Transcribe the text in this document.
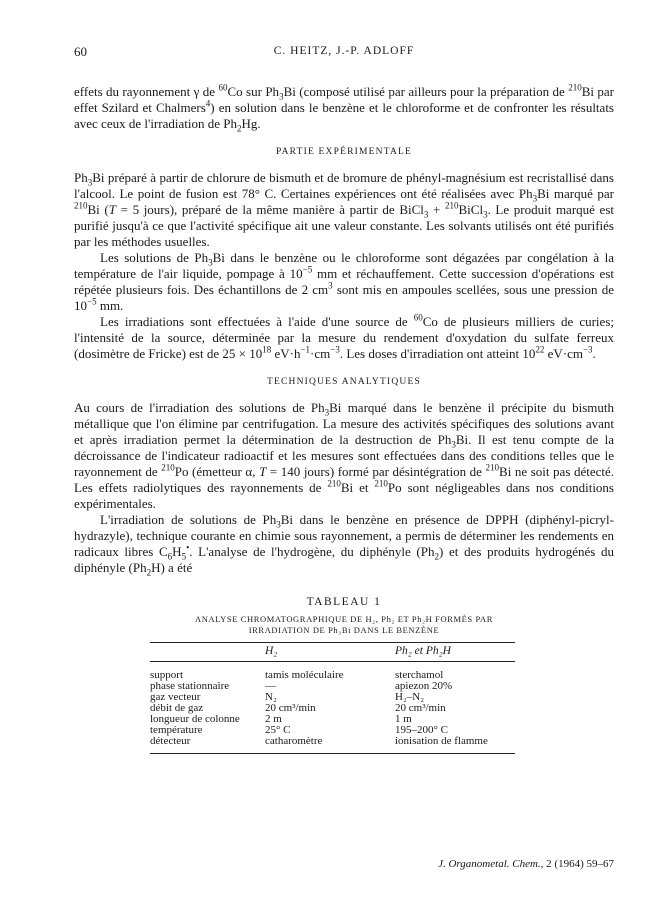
60	C. HEITZ, J.-P. ADLOFF

effets du rayonnement γ de $^{60}$Co sur $Ph_3Bi$ (composé utilisé par ailleurs pour la préparation de $^{210}$Bi par effet Szilard et Chalmers$^4$) en solution dans le benzène et le chloroforme et de confronter les résultats avec ceux de l'irradiation de $Ph_2Hg$.

PARTIE EXPÉRIMENTALE

$Ph_3Bi$ préparé à partir de chlorure de bismuth et de bromure de phényl-magnésium est recristallisé dans l'alcool. Le point de fusion est 78° C. Certaines expériences ont été réalisées avec $Ph_3Bi$ marqué par $^{210}$Bi (T = 5 jours), préparé de la même manière à partir de BiCl$_3$ + $^{210}$BiCl$_3$. Le produit marqué est purifié jusqu'à ce que l'activité spécifique ait une valeur constante. Les solvants utilisés ont été purifiés par les méthodes usuelles.

Les solutions de $Ph_3Bi$ dans le benzène ou le chloroforme sont dégazées par congélation à la température de l'air liquide, pompage à $10^{-5}$ mm et réchauffement. Cette succession d'opérations est répétée plusieurs fois. Des échantillons de 2 $cm^3$ sont mis en ampoules scellées, sous une pression de $10^{-5}$ mm.

Les irradiations sont effectuées à l'aide d'une source de $^{60}$Co de plusieurs milliers de curies; l'intensité de la source, déterminée par la mesure du rendement d'oxydation du sulfate ferreux (dosimètre de Fricke) est de $25 \times 10^{18}$ $eV\cdot h^{-1}\cdot cm^{-3}$. Les doses d'irradiation ont atteint $10^{22}$ $eV\cdot cm^{-3}$.

TECHNIQUES ANALYTIQUES

Au cours de l'irradiation des solutions de $Ph_3Bi$ marqué dans le benzène il précipite du bismuth métallique que l'on élimine par centrifugation. La mesure des activités spécifiques des solutions avant et après irradiation permet la détermination de la destruction de $Ph_3Bi$. Il est tenu compte de la décroissance de l'indicateur radioactif et les mesures sont effectuées dans des conditions telles que le rayonnement de $^{210}$Po (émetteur α, T = 140 jours) formé par désintégration de $^{210}$Bi ne soit pas détecté. Les effets radiolytiques des rayonnements de $^{210}$Bi et $^{210}$Po sont négligeables dans nos conditions expérimentales.

L'irradiation de solutions de $Ph_3Bi$ dans le benzène en présence de DPPH (diphényl-picryl-hydrazyle), technique courante en chimie sous rayonnement, a permis de déterminer les rendements en radicaux libres $C_6H_5^•$. L'analyse de l'hydrogène, du diphényle $(Ph_2)$ et des produits hydrogénés du diphényle $(Ph_2H)$ a été

TABLEAU 1
ANALYSE CHROMATOGRAPHIQUE DE H₂, Ph₂ ET Ph₂H FORMÉS PAR
IRRADIATION DE Ph₃Bi DANS LE BENZÈNE
	H₂	Ph₂ et Ph₂H
support	tamis moléculaire	sterchamol
phase stationnaire	—	apiezon 20%
gaz vecteur	N₂	H₂–N₂
débit de gaz	20 cm³/min	20 cm³/min
longueur de colonne	2 m	1 m
température	25° C	195–200° C
détecteur	catharomètre	ionisation de flamme
J. Organometal. Chem., 2 (1964) 59–67
